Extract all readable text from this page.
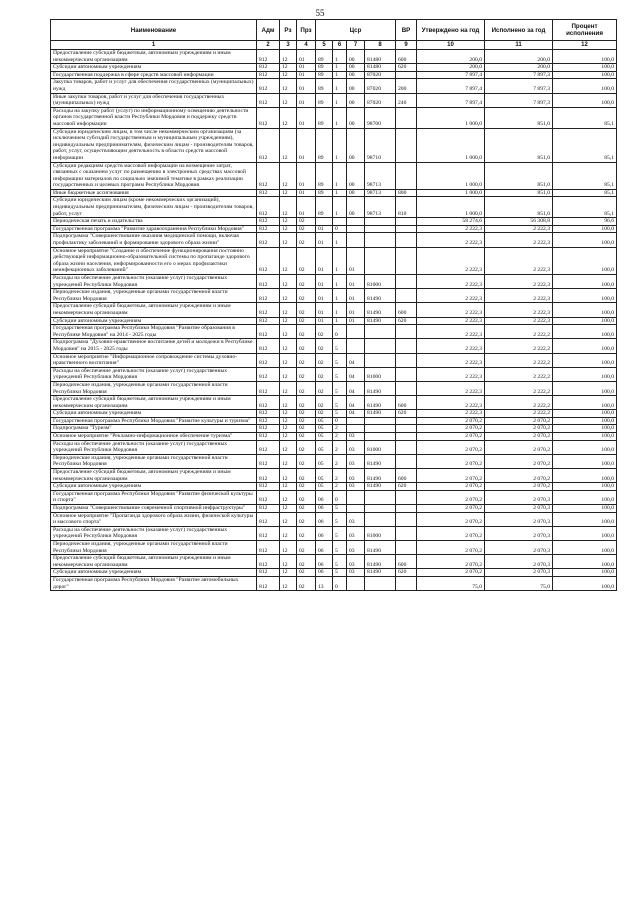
55
Наименование	Адм	Рз	Прз	Цср				ВР	Утверждено на год	Исполнено за год	Процент исполнения
1	2	3	4	5	6	7	8	9	10	11	12
Предоставление субсидий бюджетным, автономным учреждениям и иным некоммерческим организациям	812	12	01	89	1	00	81480	600	200,0	200,0	100,0
Субсидии автономным учреждениям	812	12	01	89	1	00	81480	620	200,0	200,0	100,0
Государственная поддержка в сфере средств массовой информации	812	12	01	89	1	00	87020		7 897,4	7 897,3	100,0
Закупка товаров, работ и услуг для обеспечения государственных (муниципальных) нужд	812	12	01	89	1	00	87020	200	7 897,4	7 897,3	100,0
Иные закупки товаров, работ и услуг для обеспечения государственных (муниципальных) нужд	812	12	01	89	1	00	87020	240	7 897,4	7 897,3	100,0
Расходы на закупку работ (услуг) по информационному освещению деятельности органов государственной власти Республики Мордовия и поддержку средств массовой информации	812	12	01	89	1	00	98700		1 000,0	851,0	85,1
Субсидии юридическим лицам, в том числе некоммерческим организациям (за исключением субсидий государственным и муниципальным учреждениям), индивидуальным предпринимателям, физическим лицам - производителям товаров, работ, услуг, осуществляющим деятельность в области средств массовой информации	812	12	01	89	1	00	98710		1 000,0	851,0	85,1
Субсидии редакциям средств массовой информации на возмещение затрат, связанных с оказанием услуг по размещению в электронных средствах массовой информации материалов по социально значимой тематике в рамках реализации государственных и целевых программ Республики Мордовия	812	12	01	89	1	00	98713		1 000,0	851,0	85,1
Иные бюджетные ассигнования	812	12	01	89	1	00	98713	800	1 000,0	851,0	85,1
Субсидии юридическим лицам (кроме некоммерческих организаций), индивидуальным предпринимателям, физическим лицам - производителям товаров, работ, услуг	812	12	01	89	1	00	98713	810	1 000,0	851,0	85,1
Периодическая печать и издательства	812	12	02						58 274,6	56 308,8	96,6
Государственная программа "Развитие здравоохранения Республики Мордовия"	812	12	02	01	0				2 222,3	2 222,3	100,0
Подпрограмма "Совершенствование оказания медицинской помощи, включая профилактику заболеваний и формирование здорового образа жизни"	812	12	02	01	1				2 222,3	2 222,3	100,0
Основное мероприятие "Создание и обеспечение функционирования постоянно действующей информационно-образовательной системы по пропаганде здорового образа жизни населения, информированности его о мерах профилактики неинфекционных заболеваний"	812	12	02	01	1	01			2 222,3	2 222,3	100,0
Расходы на обеспечение деятельности (оказание услуг) государственных учреждений Республики Мордовия	812	12	02	01	1	01	81000		2 222,3	2 222,3	100,0
Периодические издания, учрежденные органами государственной власти Республики Мордовия	812	12	02	01	1	01	81490		2 222,3	2 222,3	100,0
Предоставление субсидий бюджетным, автономным учреждениям и иным некоммерческим организациям	812	12	02	01	1	01	81490	600	2 222,3	2 222,3	100,0
Субсидии автономным учреждениям	812	12	02	01	1	01	81490	620	2 222,3	2 222,3	100,0
Государственная программа Республики Мордовия "Развитие образования в Республике Мордовия" на 2014 - 2025 годы	812	12	02	02	0				2 222,3	2 222,2	100,0
Подпрограмма "Духовно-нравственное воспитание детей и молодежи в Республике Мордовия" на 2015 - 2025 годы	812	12	02	02	5				2 222,3	2 222,2	100,0
Основное мероприятие "Информационное сопровождение системы духовно-нравственного воспитания"	812	12	02	02	5	04			2 222,3	2 222,2	100,0
Расходы на обеспечение деятельности (оказание услуг) государственных учреждений Республики Мордовия	812	12	02	02	5	04	81000		2 222,3	2 222,2	100,0
Периодические издания, учрежденные органами государственной власти Республики Мордовия	812	12	02	02	5	04	81490		2 222,3	2 222,2	100,0
Предоставление субсидий бюджетным, автономным учреждениям и иным некоммерческим организациям	812	12	02	02	5	04	81490	600	2 222,3	2 222,2	100,0
Субсидии автономным учреждениям	812	12	02	02	5	04	81490	620	2 222,3	2 222,2	100,0
Государственная программа Республики Мордовия "Развитие культуры и туризма"	812	12	02	05	0				2 070,2	2 070,2	100,0
Подпрограмма "Туризм"	812	12	02	05	2				2 070,2	2 070,2	100,0
Основное мероприятие "Рекламно-информационное обеспечение туризма"	812	12	02	05	2	03			2 070,2	2 070,2	100,0
Расходы на обеспечение деятельности (оказание услуг) государственных учреждений Республики Мордовия	812	12	02	05	2	03	81000		2 070,2	2 070,2	100,0
Периодические издания, учрежденные органами государственной власти Республики Мордовия	812	12	02	05	2	03	81490		2 070,2	2 070,2	100,0
Предоставление субсидий бюджетным, автономным учреждениям и иным некоммерческим организациям	812	12	02	05	2	03	81490	600	2 070,2	2 070,2	100,0
Субсидии автономным учреждениям	812	12	02	05	2	03	81490	620	2 070,2	2 070,2	100,0
Государственная программа Республики Мордовия "Развитие физической культуры и спорта"	812	12	02	06	0				2 070,2	2 070,3	100,0
Подпрограмма "Совершенствование современной спортивной инфраструктуры"	812	12	02	06	5				2 070,2	2 070,3	100,0
Основное мероприятие "Пропаганда здорового образа жизни, физической культуры и массового спорта"	812	12	02	06	5	03			2 070,2	2 070,3	100,0
Расходы на обеспечение деятельности (оказание услуг) государственных учреждений Республики Мордовия	812	12	02	06	5	03	81000		2 070,2	2 070,3	100,0
Периодические издания, учрежденные органами государственной власти Республики Мордовия	812	12	02	06	5	03	81490		2 070,2	2 070,3	100,0
Предоставление субсидий бюджетным, автономным учреждениям и иным некоммерческим организациям	812	12	02	06	5	03	81490	600	2 070,2	2 070,3	100,0
Субсидии автономным учреждениям	812	12	02	06	5	03	81490	620	2 070,2	2 070,3	100,0
Государственная программа Республики Мордовия "Развитие автомобильных дорог"	812	12	02	13	0				75,0	75,0	100,0
